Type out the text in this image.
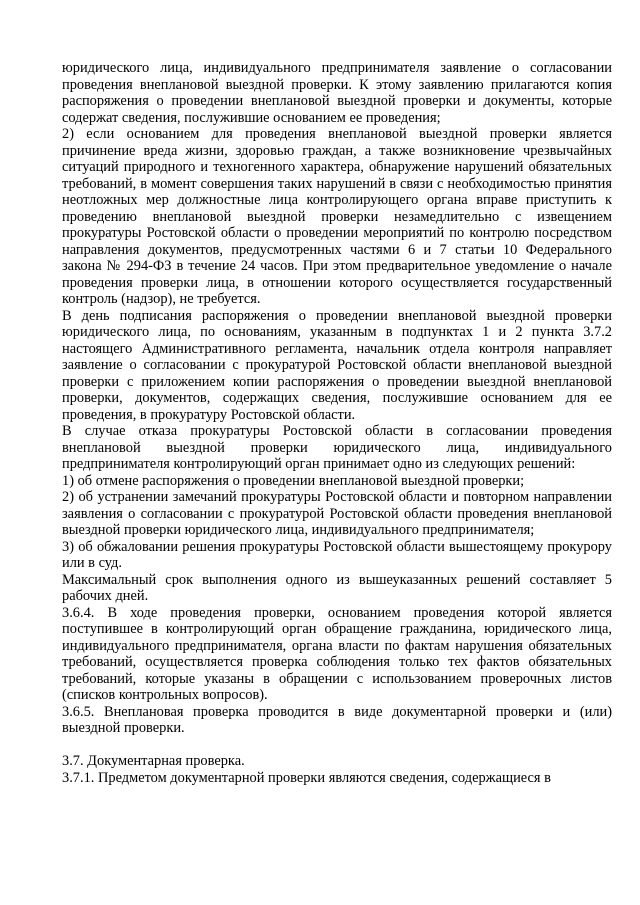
юридического лица, индивидуального предпринимателя заявление о согласовании проведения внеплановой выездной проверки. К этому заявлению прилагаются копия распоряжения о проведении внеплановой выездной проверки и документы, которые содержат сведения, послужившие основанием ее проведения;

2) если основанием для проведения внеплановой выездной проверки является причинение вреда жизни, здоровью граждан, а также возникновение чрезвычайных ситуаций природного и техногенного характера, обнаружение нарушений обязательных требований, в момент совершения таких нарушений в связи с необходимостью принятия неотложных мер должностные лица контролирующего органа вправе приступить к проведению внеплановой выездной проверки незамедлительно с извещением прокуратуры Ростовской области о проведении мероприятий по контролю посредством направления документов, предусмотренных частями 6 и 7 статьи 10 Федерального закона № 294-ФЗ в течение 24 часов. При этом предварительное уведомление о начале проведения проверки лица, в отношении которого осуществляется государственный контроль (надзор), не требуется.

В день подписания распоряжения о проведении внеплановой выездной проверки юридического лица, по основаниям, указанным в подпунктах 1 и 2 пункта 3.7.2 настоящего Административного регламента, начальник отдела контроля направляет заявление о согласовании с прокуратурой Ростовской области внеплановой выездной проверки с приложением копии распоряжения о проведении выездной внеплановой проверки, документов, содержащих сведения, послужившие основанием для ее проведения, в прокуратуру Ростовской области.

В случае отказа прокуратуры Ростовской области в согласовании проведения внеплановой выездной проверки юридического лица, индивидуального предпринимателя контролирующий орган принимает одно из следующих решений:

1) об отмене распоряжения о проведении внеплановой выездной проверки;

2) об устранении замечаний прокуратуры Ростовской области и повторном направлении заявления о согласовании с прокуратурой Ростовской области проведения внеплановой выездной проверки юридического лица, индивидуального предпринимателя;

3) об обжаловании решения прокуратуры Ростовской области вышестоящему прокурору или в суд.

Максимальный срок выполнения одного из вышеуказанных решений составляет 5 рабочих дней.

3.6.4. В ходе проведения проверки, основанием проведения которой является поступившее в контролирующий орган обращение гражданина, юридического лица, индивидуального предпринимателя, органа власти по фактам нарушения обязательных требований, осуществляется проверка соблюдения только тех фактов обязательных требований, которые указаны в обращении с использованием проверочных листов (списков контрольных вопросов).

3.6.5. Внеплановая проверка проводится в виде документарной проверки и (или) выездной проверки.

3.7. Документарная проверка.

3.7.1. Предметом документарной проверки являются сведения, содержащиеся в
